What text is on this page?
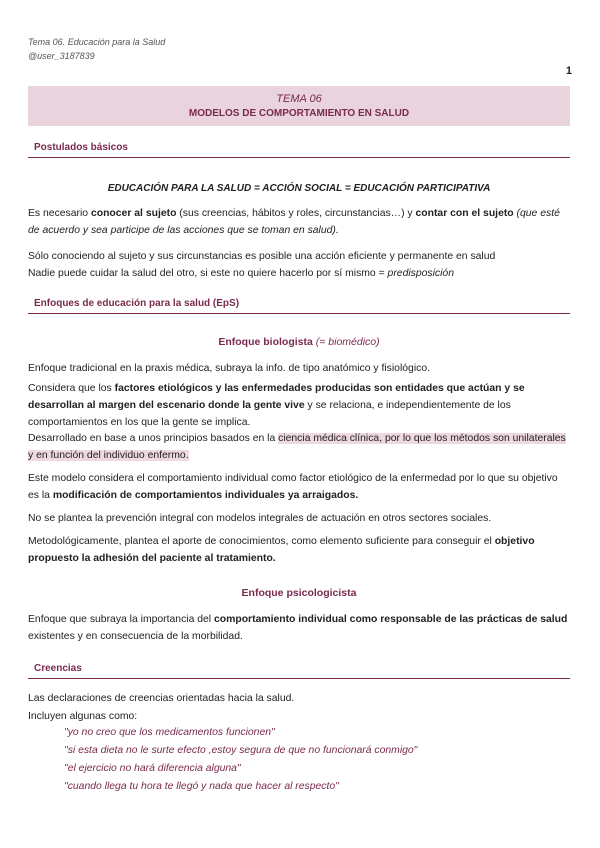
Tema 06. Educación para la Salud
@user_3187839
1
TEMA 06
MODELOS DE COMPORTAMIENTO EN SALUD
Postulados básicos
EDUCACIÓN PARA LA SALUD = ACCIÓN SOCIAL = EDUCACIÓN PARTICIPATIVA
Es necesario conocer al sujeto (sus creencias, hábitos y roles, circunstancias…) y contar con el sujeto (que esté de acuerdo y sea participe de las acciones que se toman en salud).
Sólo conociendo al sujeto y sus circunstancias es posible una acción eficiente y permanente en salud
Nadie puede cuidar la salud del otro, si este no quiere hacerlo por sí mismo = predisposición
Enfoques de educación para la salud (EpS)
Enfoque biologista (= biomédico)
Enfoque tradicional en la praxis médica, subraya la info. de tipo anatómico y fisiológico.
Considera que los factores etiológicos y las enfermedades producidas son entidades que actúan y se desarrollan al margen del escenario donde la gente vive y se relaciona, e independientemente de los comportamientos en los que la gente se implica.
Desarrollado en base a unos principios basados en la ciencia médica clínica, por lo que los métodos son unilaterales y en función del individuo enfermo.
Este modelo considera el comportamiento individual como factor etiológico de la enfermedad por lo que su objetivo es la modificación de comportamientos individuales ya arraigados.
No se plantea la prevención integral con modelos integrales de actuación en otros sectores sociales.
Metodológicamente, plantea el aporte de conocimientos, como elemento suficiente para conseguir el objetivo propuesto la adhesión del paciente al tratamiento.
Enfoque psicologicista
Enfoque que subraya la importancia del comportamiento individual como responsable de las prácticas de salud existentes y en consecuencia de la morbilidad.
Creencias
Las declaraciones de creencias orientadas hacia la salud.
Incluyen algunas como:
"yo no creo que los medicamentos funcionen"
"si esta dieta no le surte efecto ,estoy segura de que no funcionará conmigo"
"el ejercicio no hará diferencia alguna"
"cuando llega tu hora te llegó y nada que hacer al respecto"
